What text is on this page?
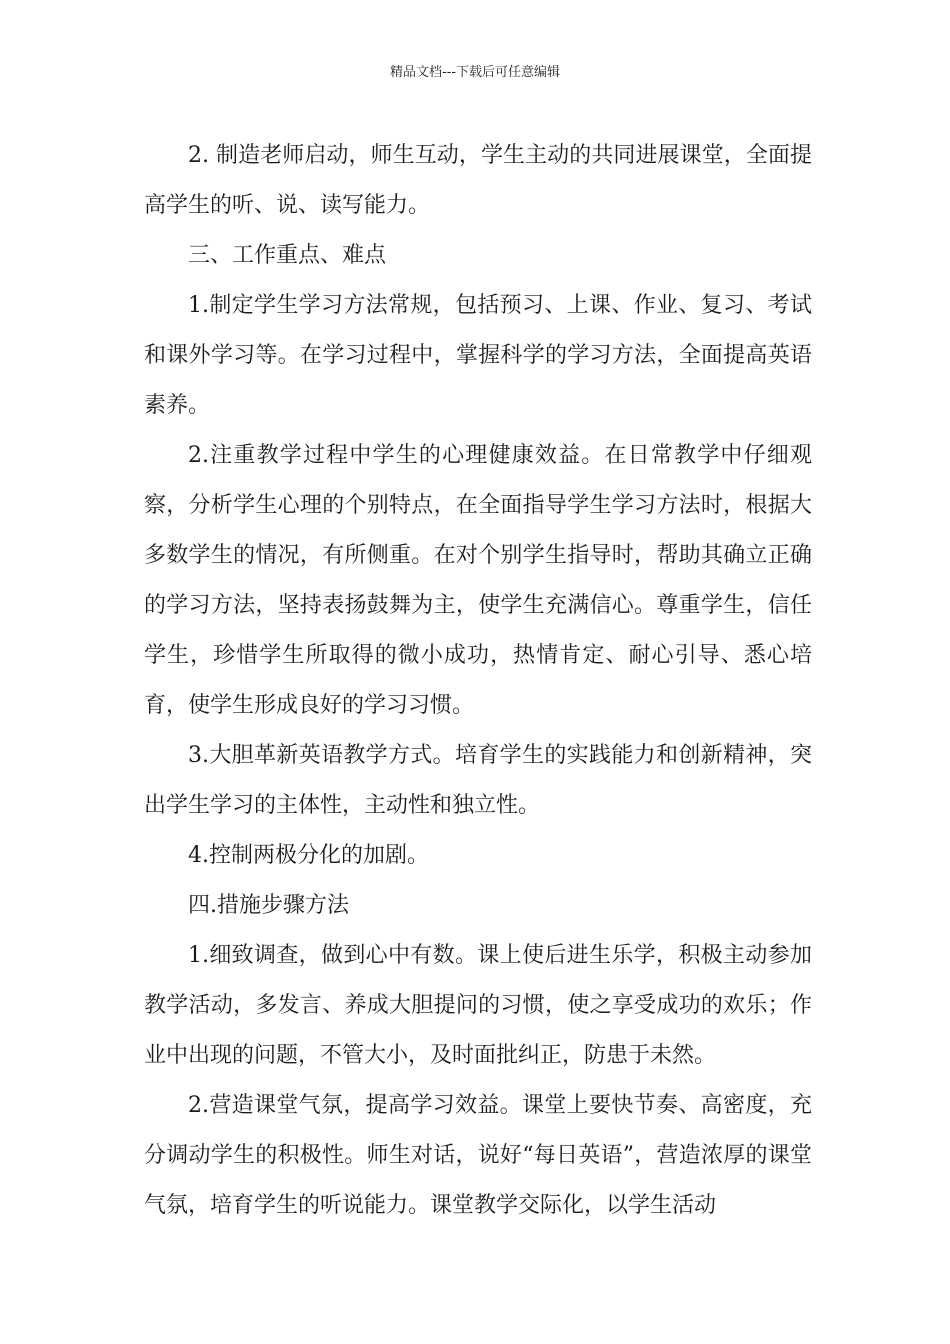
精品文档---下载后可任意编辑

2. 制造老师启动，师生互动，学生主动的共同进展课堂，全面提高学生的听、说、读写能力。

三、工作重点、难点

1.制定学生学习方法常规，包括预习、上课、作业、复习、考试和课外学习等。在学习过程中，掌握科学的学习方法，全面提高英语素养。

2.注重教学过程中学生的心理健康效益。在日常教学中仔细观察，分析学生心理的个别特点，在全面指导学生学习方法时，根据大多数学生的情况，有所侧重。在对个别学生指导时，帮助其确立正确的学习方法，坚持表扬鼓舞为主，使学生充满信心。尊重学生，信任学生，珍惜学生所取得的微小成功，热情肯定、耐心引导、悉心培育，使学生形成良好的学习习惯。

3.大胆革新英语教学方式。培育学生的实践能力和创新精神，突出学生学习的主体性，主动性和独立性。

4.控制两极分化的加剧。

四.措施步骤方法

1.细致调查，做到心中有数。课上使后进生乐学，积极主动参加教学活动，多发言、养成大胆提问的习惯，使之享受成功的欢乐；作业中出现的问题，不管大小，及时面批纠正，防患于未然。

2.营造课堂气氛，提高学习效益。课堂上要快节奏、高密度，充分调动学生的积极性。师生对话，说好“每日英语”，营造浓厚的课堂气氛，培育学生的听说能力。课堂教学交际化，以学生活动
